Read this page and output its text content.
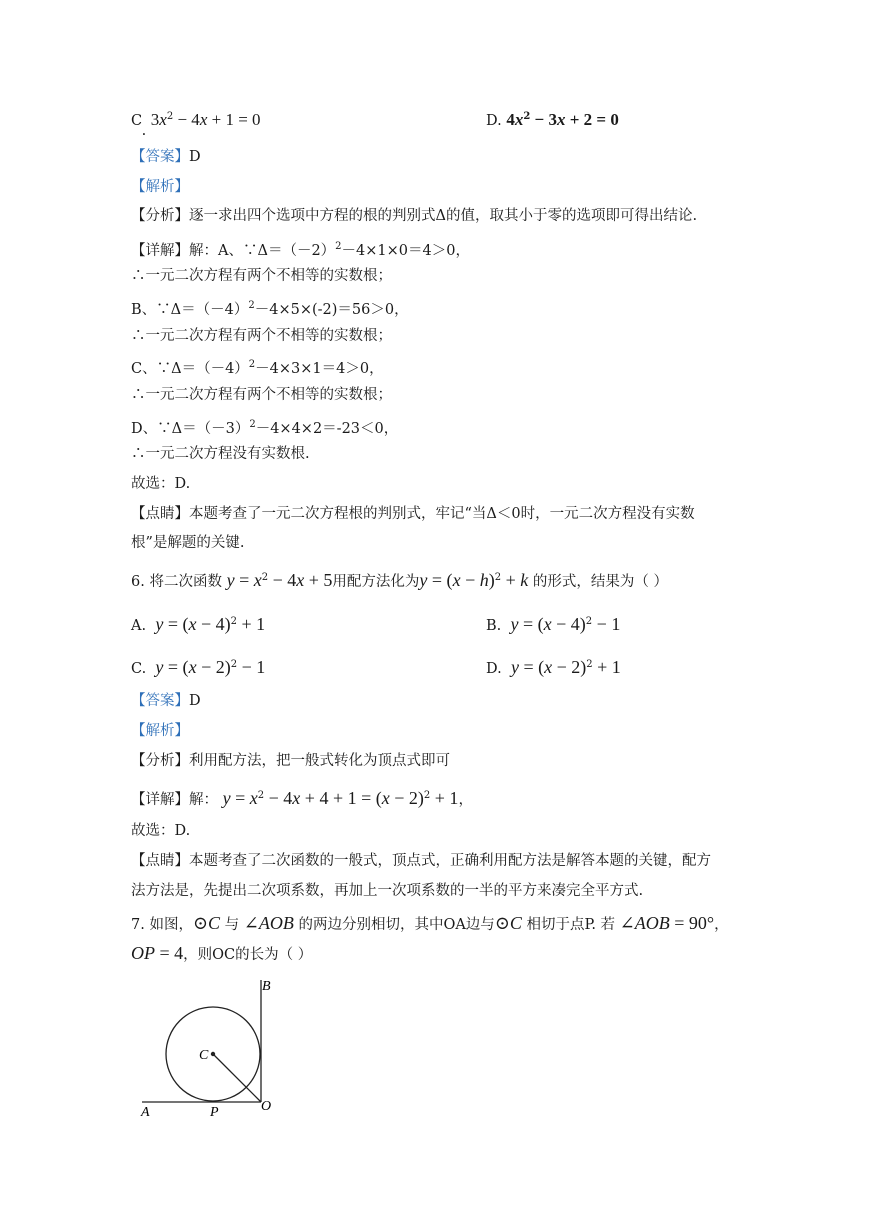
C. $3x^2 - 4x + 1 = 0$	D. $4x^2 - 3x + 2 = 0$
【答案】D
【解析】
【分析】逐一求出四个选项中方程的根的判别式Δ的值，取其小于零的选项即可得出结论.
【详解】解：A、$\because\Delta=(-2)^2-4\times 1\times 0=4>0$，
∴一元二次方程有两个不相等的实数根；
B、$\because\Delta=(-4)^2-4\times 5\times(-2)=56>0$，
∴一元二次方程有两个不相等的实数根；
C、$\because\Delta=(-4)^2-4\times 3\times 1=4>0$，
∴一元二次方程有两个不相等的实数根；
D、$\because\Delta=(-3)^2-4\times 4\times 2=-23<0$，
∴一元二次方程没有实数根.
故选：D.
【点睛】本题考查了一元二次方程根的判别式，牢记“当Δ＜0时，一元二次方程没有实数
根”是解题的关键.
6. 将二次函数 $y = x^2 - 4x + 5$用配方法化为$y = (x - h)^2 + k$ 的形式，结果为（ ）
A. $y = (x - 4)^2 + 1$	B. $y = (x - 4)^2 - 1$
C. $y = (x - 2)^2 - 1$	D. $y = (x - 2)^2 + 1$
【答案】D
【解析】
【分析】利用配方法，把一般式转化为顶点式即可
【详解】解： $y = x^2 - 4x + 4 + 1 = (x - 2)^2 + 1$，
故选：D.
【点睛】本题考查了二次函数的一般式，顶点式，正确利用配方法是解答本题的关键，配方
法方法是，先提出二次项系数，再加上一次项系数的一半的平方来凑完全平方式.
7. 如图，⊙C 与 ∠AOB 的两边分别相切，其中OA边与⊙C 相切于点P. 若 ∠AOB = 90°，
OP = 4，则OC的长为（ ）
B
C
A	P	O
